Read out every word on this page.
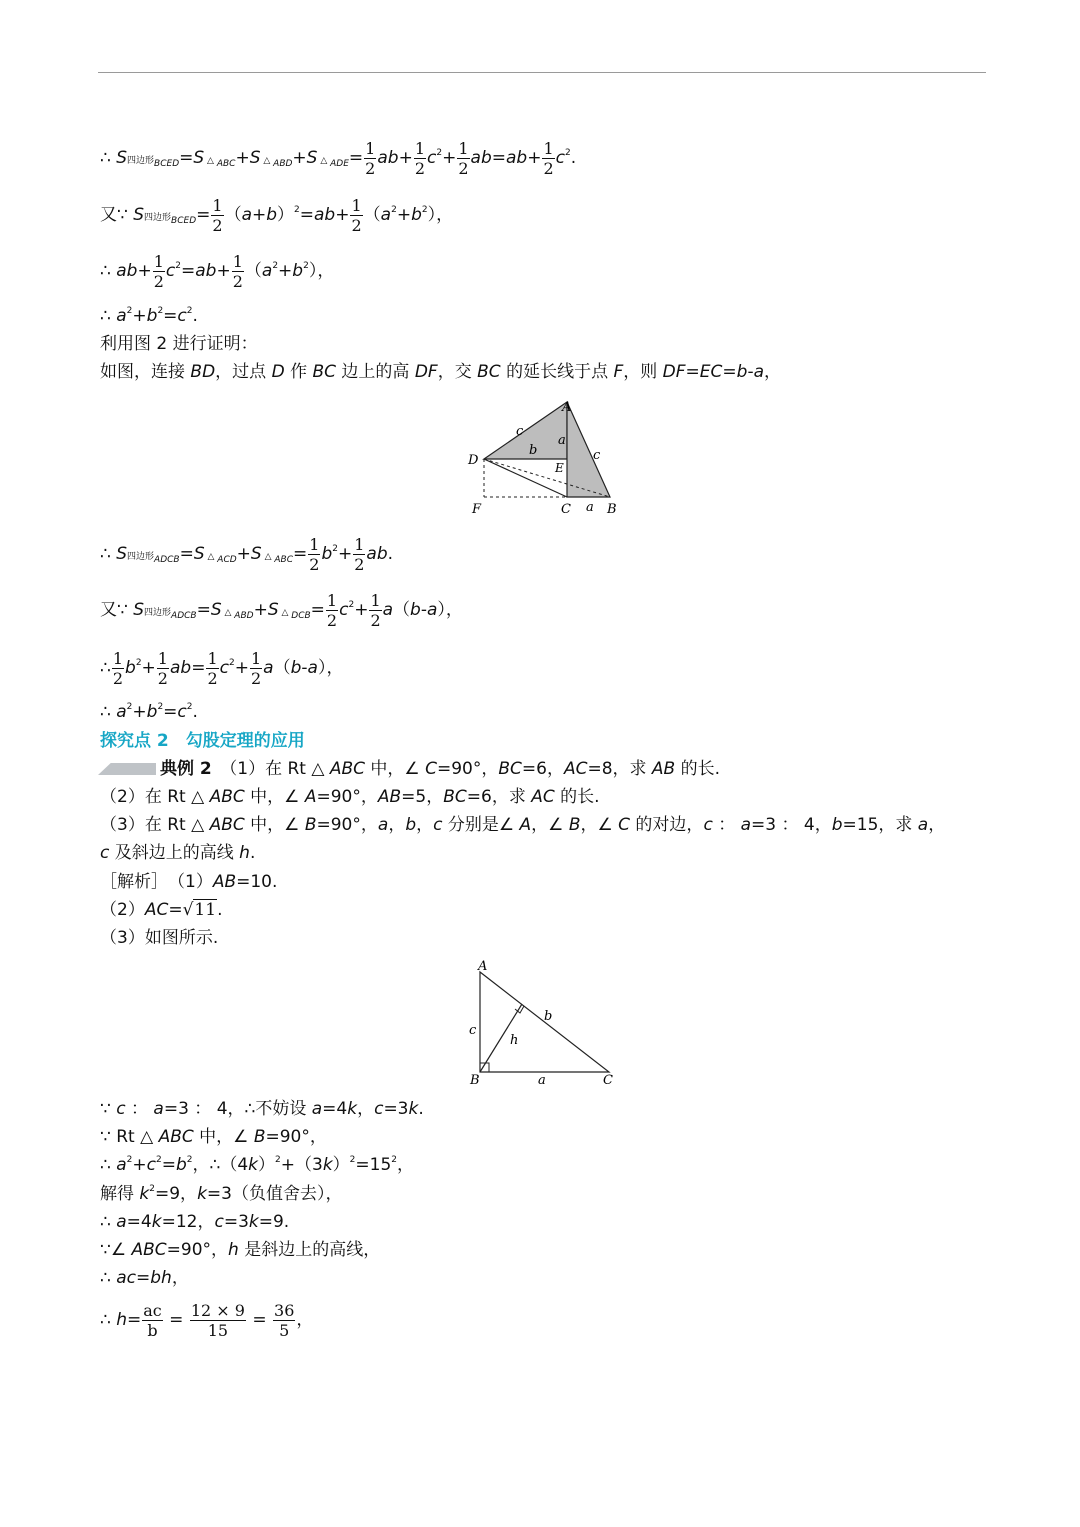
∴ S四边形$_{BCED}$=S △ $_{ABC}$+S △ $_{ABD}$+S △ $_{ADE}= \frac{1}{2} ab+ \frac{1}{2} c^2+ \frac{1}{2} ab=ab+ \frac{1}{2} c^2$.
又∵ S四边形$_{BCED}= \frac{1}{2} (a+b)^2=ab+ \frac{1}{2} (a^2+b^2)$，
∴ $ab+ \frac{1}{2} c^2=ab+ \frac{1}{2} (a^2+b^2)$，
∴ $a^2+b^2=c^2$.
利用图 2 进行证明：
如图，连接 BD，过点 D 作 BC 边上的高 DF，交 BC 的延长线于点 F，则 DF=EC=b-a，
A
D	E
F	C	B
c
b
a
c
a
∴ S四边形$_{ADCB}$=S △ $_{ACD}$+S △ $_{ABC}= \frac{1}{2} b^2+ \frac{1}{2}$ ab.
又∵ S四边形$_{ADCB}$=S △ $_{ABD}$+S △ $_{DCB}= \frac{1}{2} c^2+ \frac{1}{2} a(b-a)$，
∴ $\frac{1}{2} b^2+ \frac{1}{2} ab= \frac{1}{2} c^2+ \frac{1}{2} a(b-a)$，
∴ $a^2+b^2=c^2$.
探究点 2　勾股定理的应用
典例 2　（1）在 Rt △ ABC 中，∠ C=90°，BC=6，AC=8，求 AB 的长.
（2）在 Rt △ ABC 中，∠ A=90°，AB=5，BC=6，求 AC 的长.
（3）在 Rt △ ABC 中，∠ B=90°，a，b，c 分别是∠ A，∠ B，∠ C 的对边，c ： a=3 ： 4，b=15，求 a，
c 及斜边上的高线 h.
［解析］　（1）AB=10.
（2）AC=√11.
（3）如图所示.
A
B	C
c
b
h
a
∵ c ： a=3 ： 4，∴不妨设 a=4k，c=3k.
∵ Rt △ ABC 中，∠ B=90°，
∴ $a^2+c^2=b^2$，$\therefore(4k)^2+(3k)^2=15^2$，
解得 $k^2=9$，k=3（负值舍去），
∴ a=4k=12，c=3k=9.
∵∠ ABC=90°，h 是斜边上的高线，
∴ ac=bh，
∴ $h= \frac{ac}{b} = \frac{12 \times 9}{15} = \frac{36}{5}$ ，
